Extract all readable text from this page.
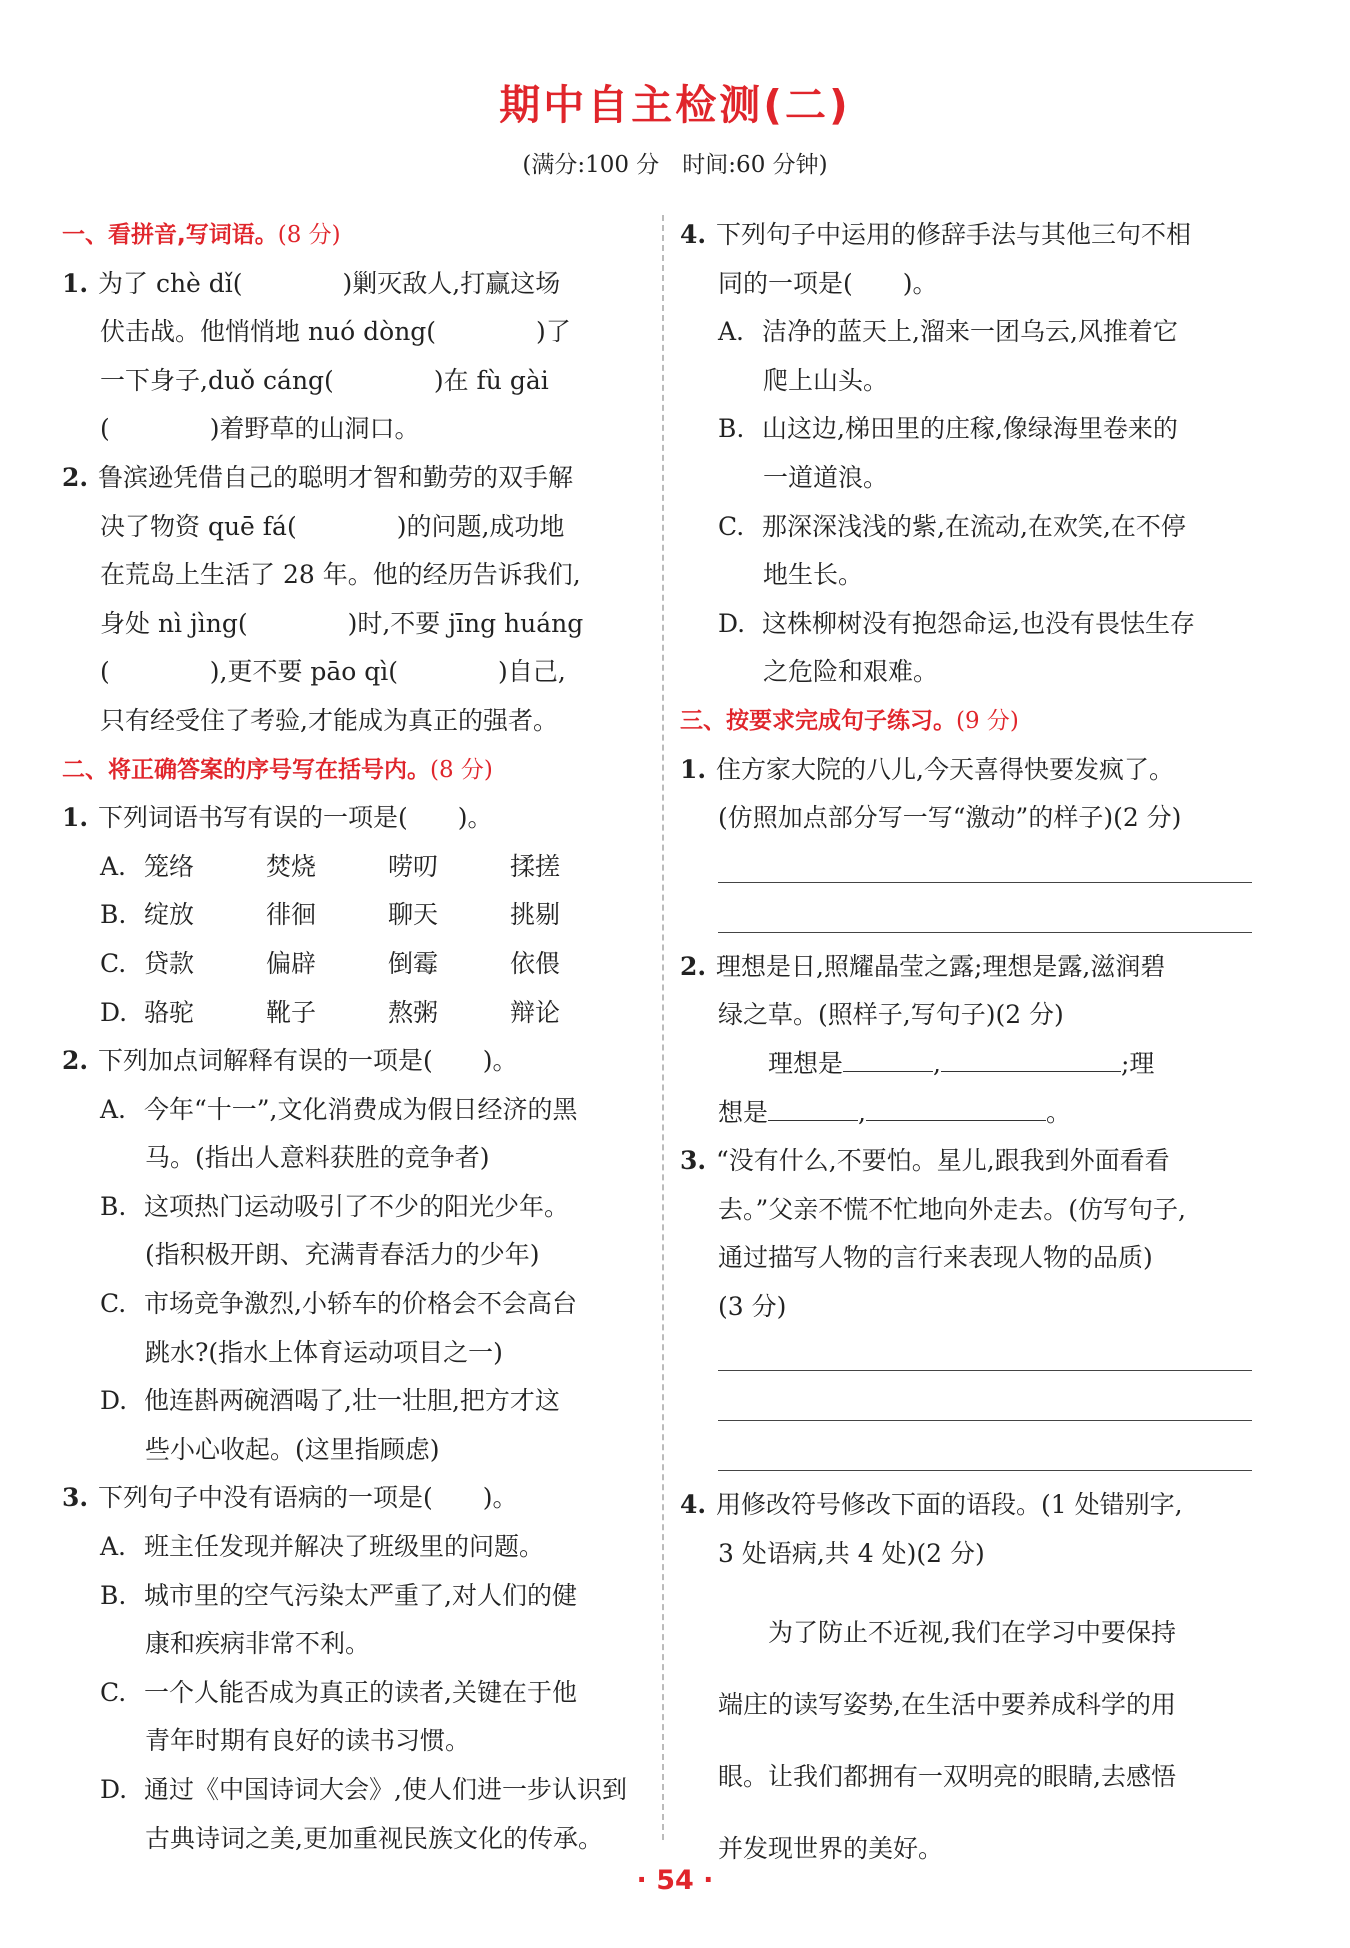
期中自主检测(二)
(满分:100 分　时间:60 分钟)
一、看拼音,写词语。(8 分)
1. 为了 chè dǐ(　　　　)剿灭敌人,打赢这场
伏击战。他悄悄地 nuó dòng(　　　　)了
一下身子,duǒ cáng(　　　　)在 fù gài
(　　　　)着野草的山洞口。
2. 鲁滨逊凭借自己的聪明才智和勤劳的双手解
决了物资 quē fá(　　　　)的问题,成功地
在荒岛上生活了 28 年。他的经历告诉我们,
身处 nì jìng(　　　　)时,不要 jīng huáng
(　　　　),更不要 pāo qì(　　　　)自己,
只有经受住了考验,才能成为真正的强者。
二、将正确答案的序号写在括号内。(8 分)
1. 下列词语书写有误的一项是(　　)。
A. 笼络	焚烧	唠叨	揉搓
B. 绽放	徘徊	聊天	挑剔
C. 贷款	偏辟	倒霉	依偎
D. 骆驼	靴子	熬粥	辩论
2. 下列加点词解释有误的一项是(　　)。
A. 今年“十一”,文化消费成为假日经济的黑
马。(指出人意料获胜的竞争者)
B. 这项热门运动吸引了不少的阳光少年。
(指积极开朗、充满青春活力的少年)
C. 市场竞争激烈,小轿车的价格会不会高台
跳水?(指水上体育运动项目之一)
D. 他连斟两碗酒喝了,壮一壮胆,把方才这
些小心收起。(这里指顾虑)
3. 下列句子中没有语病的一项是(　　)。
A. 班主任发现并解决了班级里的问题。
B. 城市里的空气污染太严重了,对人们的健
康和疾病非常不利。
C. 一个人能否成为真正的读者,关键在于他
青年时期有良好的读书习惯。
D. 通过《中国诗词大会》,使人们进一步认识到
古典诗词之美,更加重视民族文化的传承。
4. 下列句子中运用的修辞手法与其他三句不相
同的一项是(　　)。
A. 洁净的蓝天上,溜来一团乌云,风推着它
爬上山头。
B. 山这边,梯田里的庄稼,像绿海里卷来的
一道道浪。
C. 那深深浅浅的紫,在流动,在欢笑,在不停
地生长。
D. 这株柳树没有抱怨命运,也没有畏怯生存
之危险和艰难。
三、按要求完成句子练习。(9 分)
1. 住方家大院的八儿,今天喜得快要发疯了。
(仿照加点部分写一写“激动”的样子)(2 分)
2. 理想是日,照耀晶莹之露;理想是露,滋润碧
绿之草。(照样子,写句子)(2 分)
　　理想是	,	;理
想是	,	。
3. “没有什么,不要怕。星儿,跟我到外面看看
去。”父亲不慌不忙地向外走去。(仿写句子,
通过描写人物的言行来表现人物的品质)
(3 分)
4. 用修改符号修改下面的语段。(1 处错别字,
3 处语病,共 4 处)(2 分)
　　为了防止不近视,我们在学习中要保持
端庄的读写姿势,在生活中要养成科学的用
眼。让我们都拥有一双明亮的眼睛,去感悟
并发现世界的美好。
· 54 ·
